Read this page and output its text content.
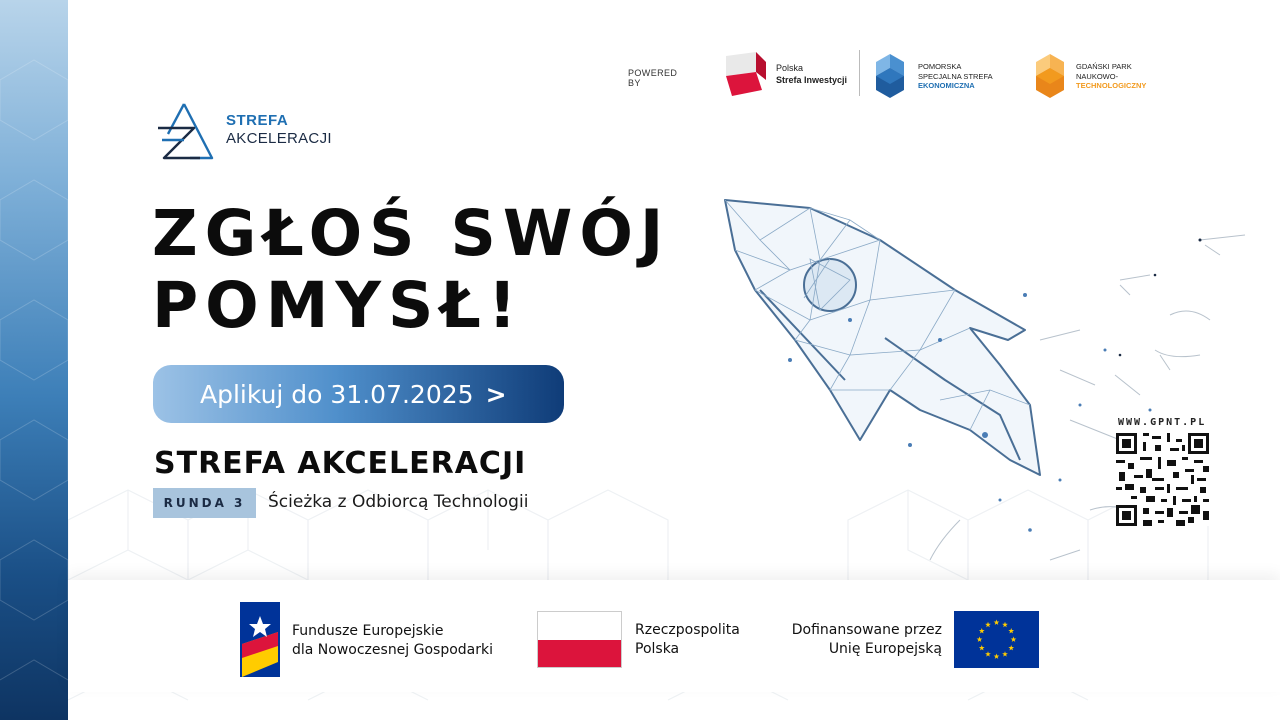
POWERED BY
Polska
Strefa Inwestycji
POMORSKA
SPECJALNA STREFA
EKONOMICZNA
GDAŃSKI PARK
NAUKOWO-
TECHNOLOGICZNY
STREFA
AKCELERACJI
ZGŁOŚ SWÓJ
POMYSŁ!
Aplikuj do 31.07.2025 >
STREFA AKCELERACJI
RUNDA 3	Ścieżka z Odbiorcą Technologii
WWW.GPNT.PL
Fundusze Europejskie
dla Nowoczesnej Gospodarki
Rzeczpospolita
Polska
Dofinansowane przez
Unię Europejską
